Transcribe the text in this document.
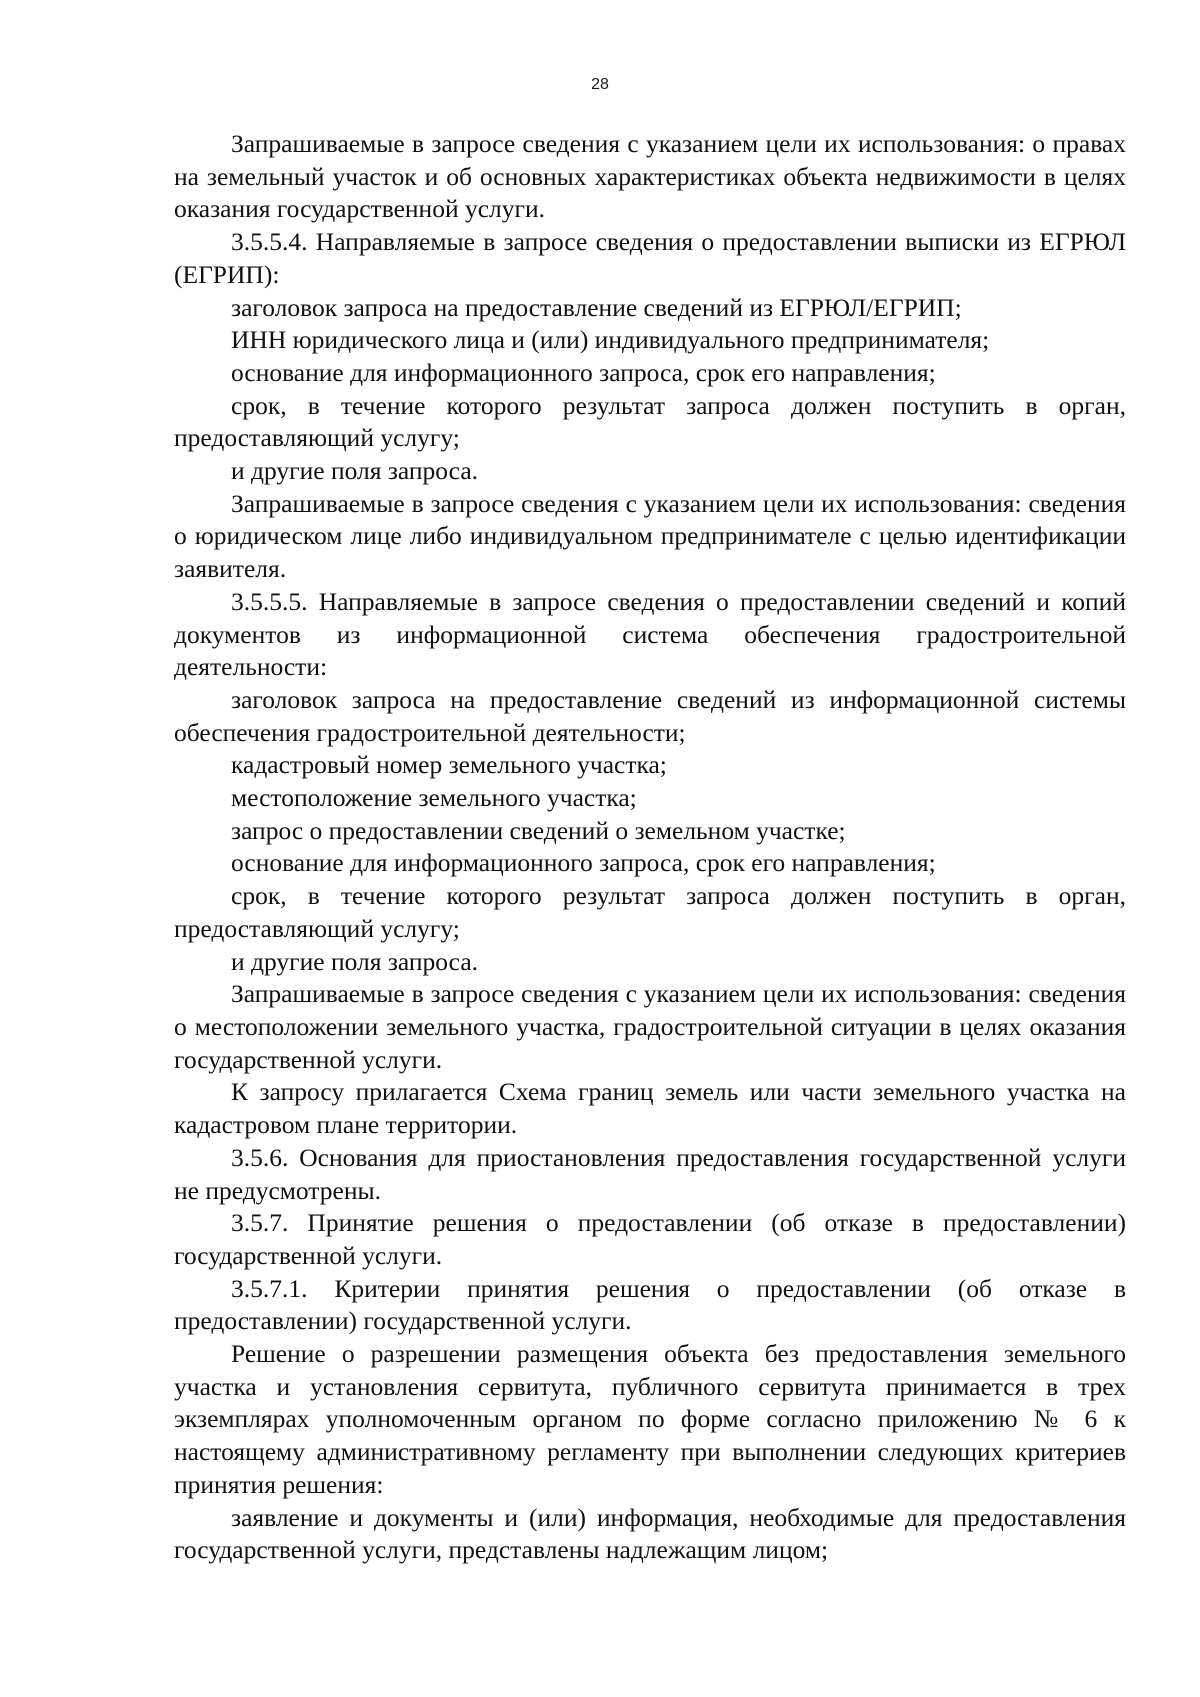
28

Запрашиваемые в запросе сведения с указанием цели их использования: о правах на земельный участок и об основных характеристиках объекта недвижимости в целях оказания государственной услуги.

3.5.5.4. Направляемые в запросе сведения о предоставлении выписки из ЕГРЮЛ (ЕГРИП):

заголовок запроса на предоставление сведений из ЕГРЮЛ/ЕГРИП;

ИНН юридического лица и (или) индивидуального предпринимателя;

основание для информационного запроса, срок его направления;

срок, в течение которого результат запроса должен поступить в орган, предоставляющий услугу;

и другие поля запроса.

Запрашиваемые в запросе сведения с указанием цели их использования: сведения о юридическом лице либо индивидуальном предпринимателе с целью идентификации заявителя.

3.5.5.5. Направляемые в запросе сведения о предоставлении сведений и копий документов из информационной система обеспечения градостроительной деятельности:

заголовок запроса на предоставление сведений из информационной системы обеспечения градостроительной деятельности;

кадастровый номер земельного участка;

местоположение земельного участка;

запрос о предоставлении сведений о земельном участке;

основание для информационного запроса, срок его направления;

срок, в течение которого результат запроса должен поступить в орган, предоставляющий услугу;

и другие поля запроса.

Запрашиваемые в запросе сведения с указанием цели их использования: сведения о местоположении земельного участка, градостроительной ситуации в целях оказания государственной услуги.

К запросу прилагается Схема границ земель или части земельного участка на кадастровом плане территории.

3.5.6. Основания для приостановления предоставления государственной услуги не предусмотрены.

3.5.7. Принятие решения о предоставлении (об отказе в предоставлении) государственной услуги.

3.5.7.1. Критерии принятия решения о предоставлении (об отказе в предоставлении) государственной услуги.

Решение о разрешении размещения объекта без предоставления земельного участка и установления сервитута, публичного сервитута принимается в трех экземплярах уполномоченным органом по форме согласно приложению № 6 к настоящему административному регламенту при выполнении следующих критериев принятия решения:

заявление и документы и (или) информация, необходимые для предоставления государственной услуги, представлены надлежащим лицом;
